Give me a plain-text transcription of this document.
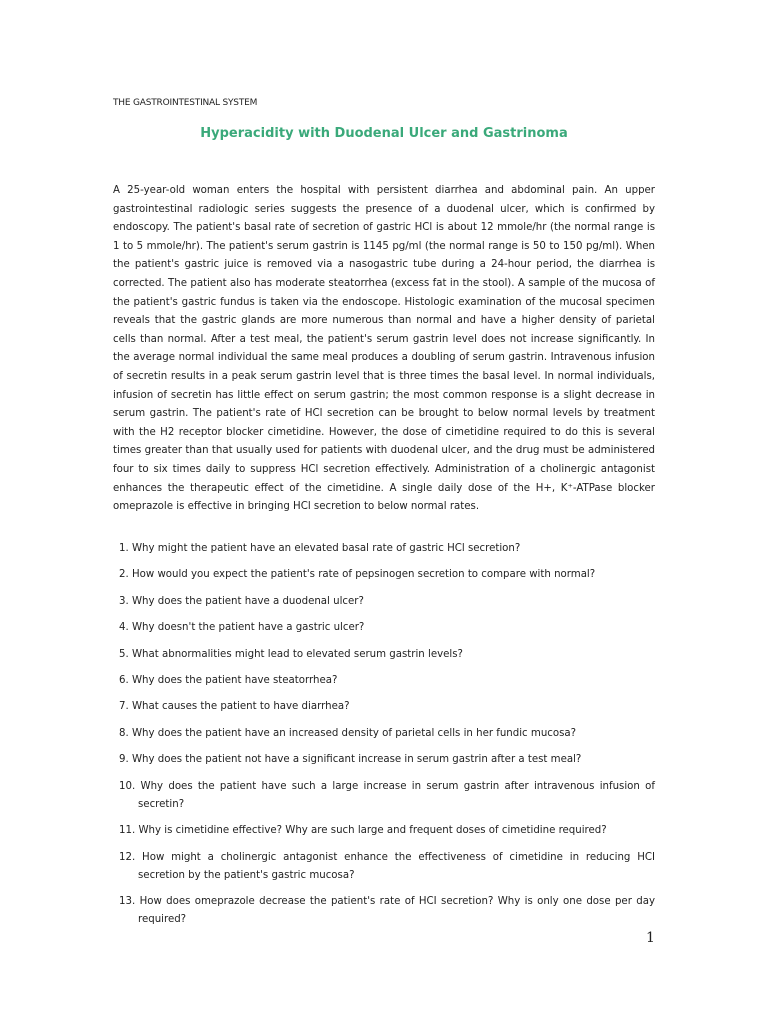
THE GASTROINTESTINAL SYSTEM
Hyperacidity with Duodenal Ulcer and Gastrinoma

A 25-year-old woman enters the hospital with persistent diarrhea and abdominal pain. An upper gastrointestinal radiologic series suggests the presence of a duodenal ulcer, which is confirmed by endoscopy. The patient's basal rate of secretion of gastric HCl is about 12 mmole/hr (the normal range is 1 to 5 mmole/hr). The patient's serum gastrin is 1145 pg/ml (the normal range is 50 to 150 pg/ml). When the patient's gastric juice is removed via a nasogastric tube during a 24-hour period, the diarrhea is corrected. The patient also has moderate steatorrhea (excess fat in the stool). A sample of the mucosa of the patient's gastric fundus is taken via the endoscope. Histologic examination of the mucosal specimen reveals that the gastric glands are more numerous than normal and have a higher density of parietal cells than normal. After a test meal, the patient's serum gastrin level does not increase significantly. In the average normal individual the same meal produces a doubling of serum gastrin. Intravenous infusion of secretin results in a peak serum gastrin level that is three times the basal level. In normal individuals, infusion of secretin has little effect on serum gastrin; the most common response is a slight decrease in serum gastrin. The patient's rate of HCl secretion can be brought to below normal levels by treatment with the H2 receptor blocker cimetidine. However, the dose of cimetidine required to do this is several times greater than that usually used for patients with duodenal ulcer, and the drug must be administered four to six times daily to suppress HCl secretion effectively. Administration of a cholinergic antagonist enhances the therapeutic effect of the cimetidine. A single daily dose of the H+, K⁺-ATPase blocker omeprazole is effective in bringing HCl secretion to below normal rates.

1. Why might the patient have an elevated basal rate of gastric HCl secretion?
2. How would you expect the patient's rate of pepsinogen secretion to compare with normal?
3. Why does the patient have a duodenal ulcer?
4. Why doesn't the patient have a gastric ulcer?
5. What abnormalities might lead to elevated serum gastrin levels?
6. Why does the patient have steatorrhea?
7. What causes the patient to have diarrhea?
8. Why does the patient have an increased density of parietal cells in her fundic mucosa?
9. Why does the patient not have a significant increase in serum gastrin after a test meal?
10. Why does the patient have such a large increase in serum gastrin after intravenous infusion of secretin?
11. Why is cimetidine effective? Why are such large and frequent doses of cimetidine required?
12. How might a cholinergic antagonist enhance the effectiveness of cimetidine in reducing HCI secretion by the patient's gastric mucosa?
13. How does omeprazole decrease the patient's rate of HCI secretion? Why is only one dose per day required?
1
